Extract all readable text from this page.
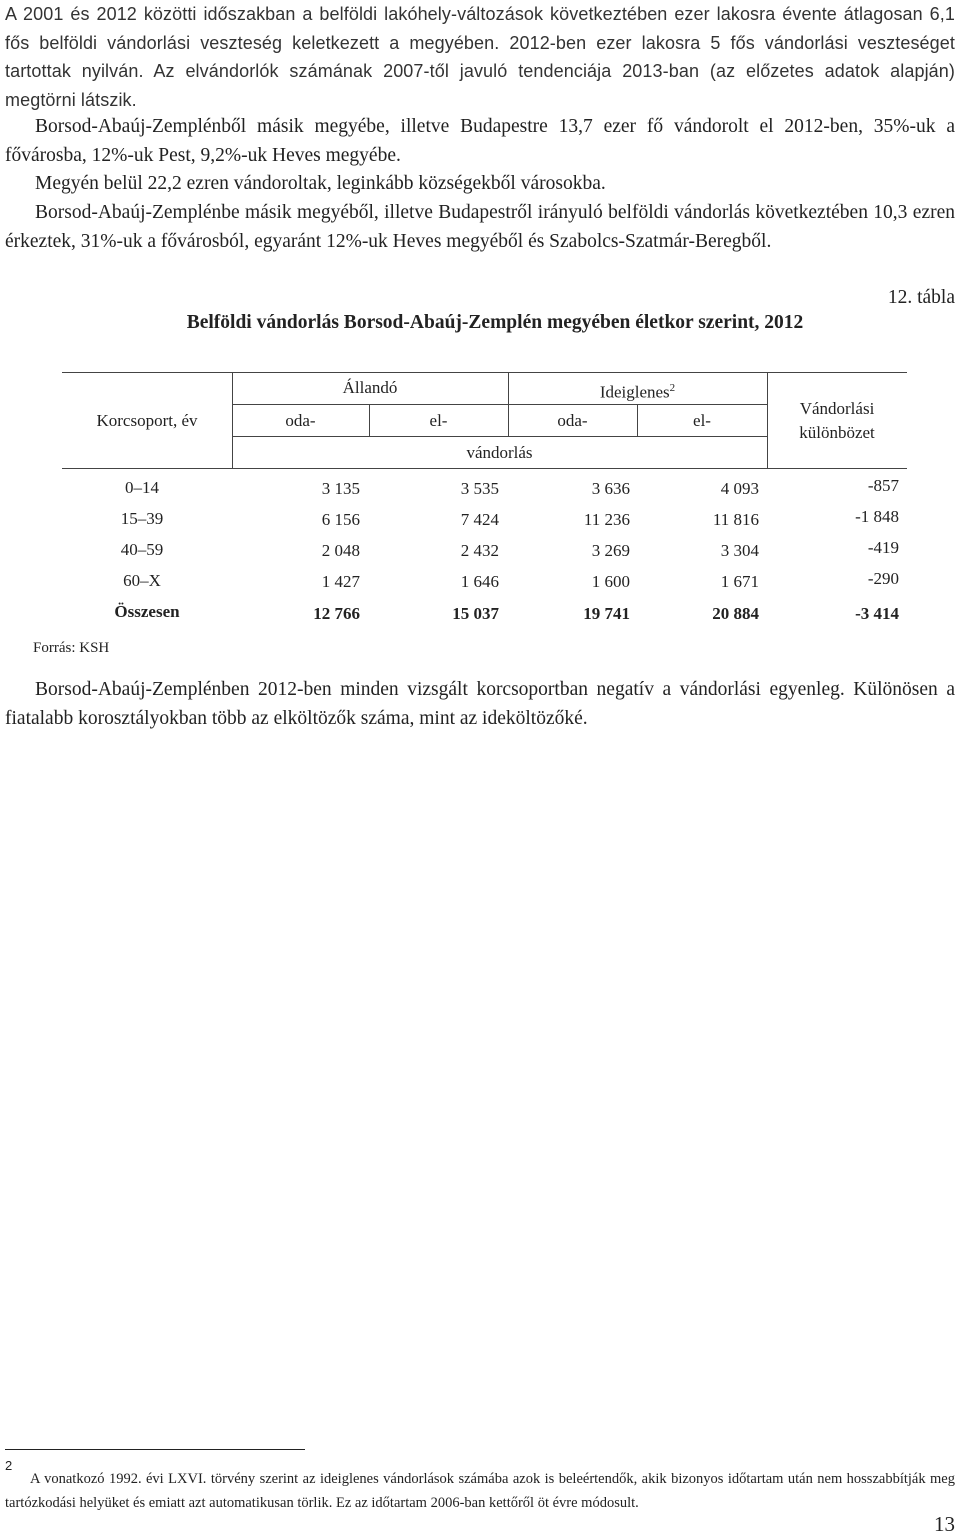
A 2001 és 2012 közötti időszakban a belföldi lakóhely-változások következtében ezer lakosra évente átlagosan 6,1 fős belföldi vándorlási veszteség keletkezett a megyében. 2012-ben ezer lakosra 5 fős vándorlási veszteséget tartottak nyilván. Az elvándorlók számának 2007-től javuló tendenciája 2013-ban (az előzetes adatok alapján) megtörni látszik.

Borsod-Abaúj-Zemplénből másik megyébe, illetve Budapestre 13,7 ezer fő vándorolt el 2012-ben, 35%-uk a fővárosba, 12%-uk Pest, 9,2%-uk Heves megyébe.

Megyén belül 22,2 ezren vándoroltak, leginkább községekből városokba.

Borsod-Abaúj-Zemplénbe másik megyéből, illetve Budapestről irányuló belföldi vándorlás következtében 10,3 ezren érkeztek, 31%-uk a fővárosból, egyaránt 12%-uk Heves megyéből és Szabolcs-Szatmár-Beregből.

12. tábla
Belföldi vándorlás Borsod-Abaúj-Zemplén megyében életkor szerint, 2012
Korcsoport, év
Állandó	Ideiglenes$^2$
oda-	el-	oda-	el-
vándorlás
Vándorlási
különbözet
0–14	3 135	3 535	3 636	4 093	-857
15–39	6 156	7 424	11 236	11 816	-1 848
40–59	2 048	2 432	3 269	3 304	-419
60–X	1 427	1 646	1 600	1 671	-290
Összesen	12 766	15 037	19 741	20 884	-3 414
Forrás: KSH

Borsod-Abaúj-Zemplénben 2012-ben minden vizsgált korcsoportban negatív a vándorlási egyenleg. Különösen a fiatalabb korosztályokban több az elköltözők száma, mint az ideköltözőké.

2
A vonatkozó 1992. évi LXVI. törvény szerint az ideiglenes vándorlások számába azok is beleértendők, akik bizonyos időtartam után nem hosszabbítják meg tartózkodási helyüket és emiatt azt automatikusan törlik. Ez az időtartam 2006-ban kettőről öt évre módosult.
13
